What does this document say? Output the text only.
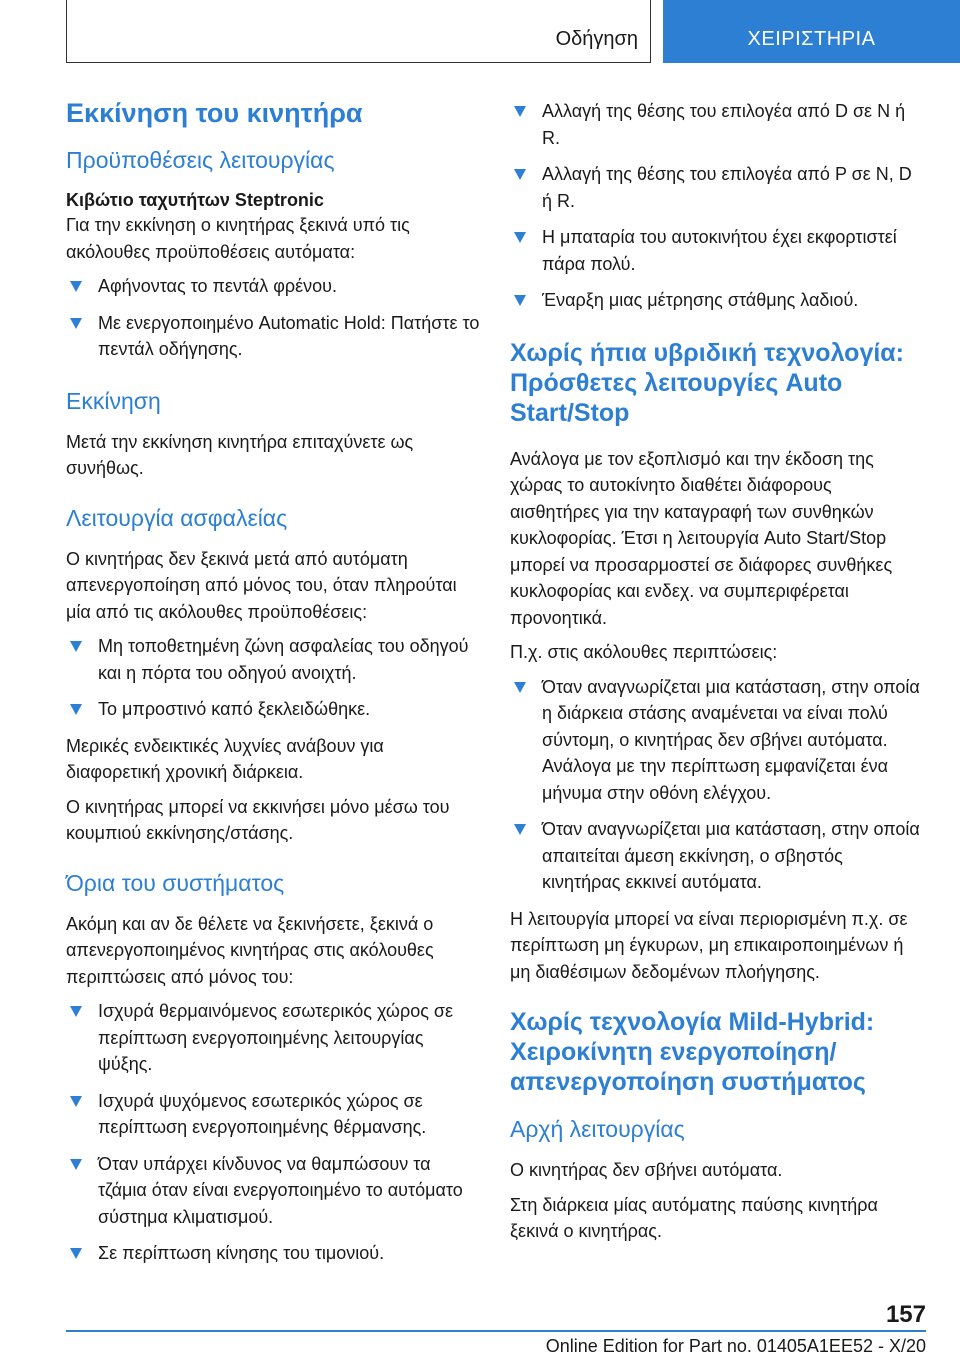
Οδήγηση	ΧΕΙΡΙΣΤΗΡΙΑ
Εκκίνηση του κινητήρα
Προϋποθέσεις λειτουργίας
Κιβώτιο ταχυτήτων Steptronic
Για την εκκίνηση ο κινητήρας ξεκινά υπό τις ακόλουθες προϋποθέσεις αυτόματα:
Αφήνοντας το πεντάλ φρένου.
Με ενεργοποιημένο Automatic Hold: Πατήστε το πεντάλ οδήγησης.
Εκκίνηση
Μετά την εκκίνηση κινητήρα επιταχύνετε ως συνήθως.
Λειτουργία ασφαλείας
Ο κινητήρας δεν ξεκινά μετά από αυτόματη απενεργοποίηση από μόνος του, όταν πληρούται μία από τις ακόλουθες προϋποθέσεις:
Μη τοποθετημένη ζώνη ασφαλείας του οδηγού και η πόρτα του οδηγού ανοιχτή.
Το μπροστινό καπό ξεκλειδώθηκε.
Μερικές ενδεικτικές λυχνίες ανάβουν για διαφορετική χρονική διάρκεια.
Ο κινητήρας μπορεί να εκκινήσει μόνο μέσω του κουμπιού εκκίνησης/στάσης.
Όρια του συστήματος
Ακόμη και αν δε θέλετε να ξεκινήσετε, ξεκινά ο απενεργοποιημένος κινητήρας στις ακόλουθες περιπτώσεις από μόνος του:
Ισχυρά θερμαινόμενος εσωτερικός χώρος σε περίπτωση ενεργοποιημένης λειτουργίας ψύξης.
Ισχυρά ψυχόμενος εσωτερικός χώρος σε περίπτωση ενεργοποιημένης θέρμανσης.
Όταν υπάρχει κίνδυνος να θαμπώσουν τα τζάμια όταν είναι ενεργοποιημένο το αυτόματο σύστημα κλιματισμού.
Σε περίπτωση κίνησης του τιμονιού.
Αλλαγή της θέσης του επιλογέα από D σε N ή R.
Αλλαγή της θέσης του επιλογέα από P σε N, D ή R.
Η μπαταρία του αυτοκινήτου έχει εκφορτιστεί πάρα πολύ.
Έναρξη μιας μέτρησης στάθμης λαδιού.
Χωρίς ήπια υβριδική τεχνολογία: Πρόσθετες λειτουργίες Auto Start/Stop
Ανάλογα με τον εξοπλισμό και την έκδοση της χώρας το αυτοκίνητο διαθέτει διάφορους αισθητήρες για την καταγραφή των συνθηκών κυκλοφορίας. Έτσι η λειτουργία Auto Start/Stop μπορεί να προσαρμοστεί σε διάφορες συνθήκες κυκλοφορίας και ενδεχ. να συμπεριφέρεται προνοητικά.
Π.χ. στις ακόλουθες περιπτώσεις:
Όταν αναγνωρίζεται μια κατάσταση, στην οποία η διάρκεια στάσης αναμένεται να είναι πολύ σύντομη, ο κινητήρας δεν σβήνει αυτόματα. Ανάλογα με την περίπτωση εμφανίζεται ένα μήνυμα στην οθόνη ελέγχου.
Όταν αναγνωρίζεται μια κατάσταση, στην οποία απαιτείται άμεση εκκίνηση, ο σβηστός κινητήρας εκκινεί αυτόματα.
Η λειτουργία μπορεί να είναι περιορισμένη π.χ. σε περίπτωση μη έγκυρων, μη επικαιροποιημένων ή μη διαθέσιμων δεδομένων πλοήγησης.
Χωρίς τεχνολογία Mild-Hybrid: Χειροκίνητη ενεργοποίηση/ απενεργοποίηση συστήματος
Αρχή λειτουργίας
Ο κινητήρας δεν σβήνει αυτόματα.
Στη διάρκεια μίας αυτόματης παύσης κινητήρα ξεκινά ο κινητήρας.
157
Online Edition for Part no. 01405A1EE52 - X/20
